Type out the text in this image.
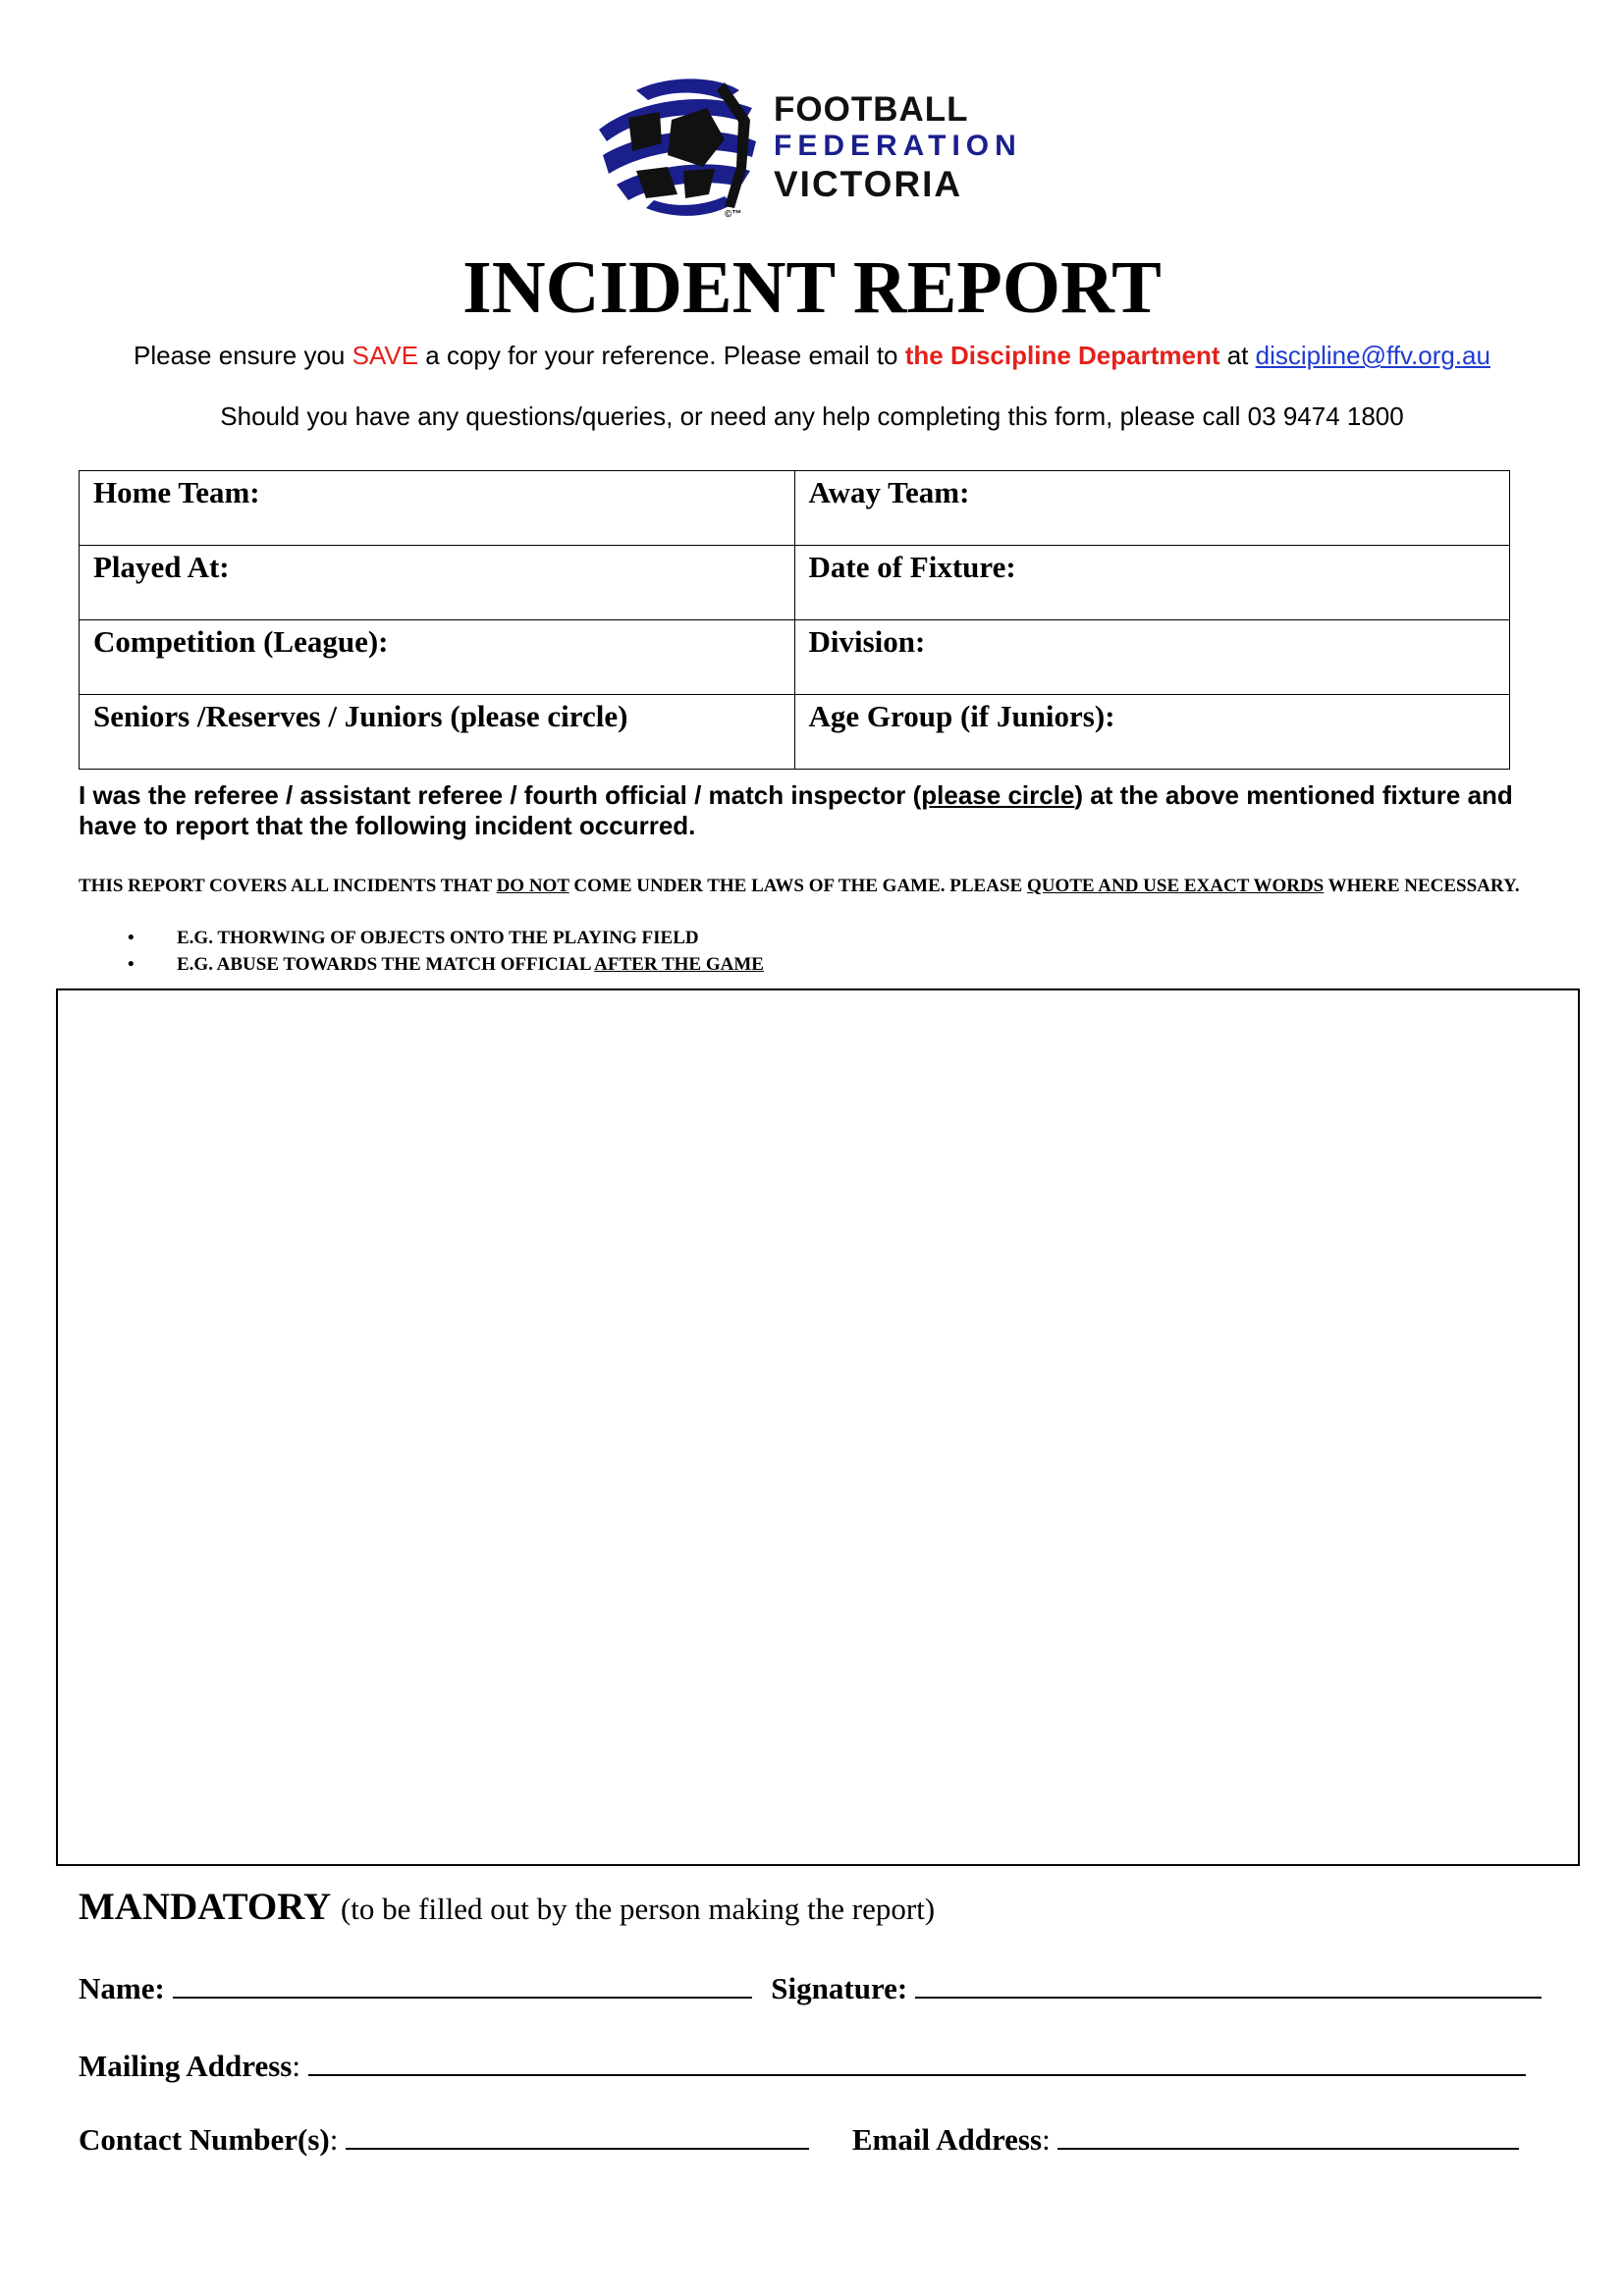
FOOTBALL
FEDERATION
VICTORIA
©™
INCIDENT REPORT
Please ensure you SAVE a copy for your reference. Please email to the Discipline Department at discipline@ffv.org.au
Should you have any questions/queries, or need any help completing this form, please call 03 9474 1800
Home Team:	Away Team:
Played At:	Date of Fixture:
Competition (League):	Division:
Seniors /Reserves / Juniors (please circle)	Age Group (if Juniors):
I was the referee / assistant referee / fourth official / match inspector (please circle) at the above mentioned fixture and have to report that the following incident occurred.
THIS REPORT COVERS ALL INCIDENTS THAT DO NOT COME UNDER THE LAWS OF THE GAME. PLEASE QUOTE AND USE EXACT WORDS WHERE NECESSARY.
• E.G. THORWING OF OBJECTS ONTO THE PLAYING FIELD
• E.G. ABUSE TOWARDS THE MATCH OFFICIAL AFTER THE GAME
MANDATORY (to be filled out by the person making the report)
Name:	Signature:
Mailing Address:
Contact Number(s):	Email Address:
